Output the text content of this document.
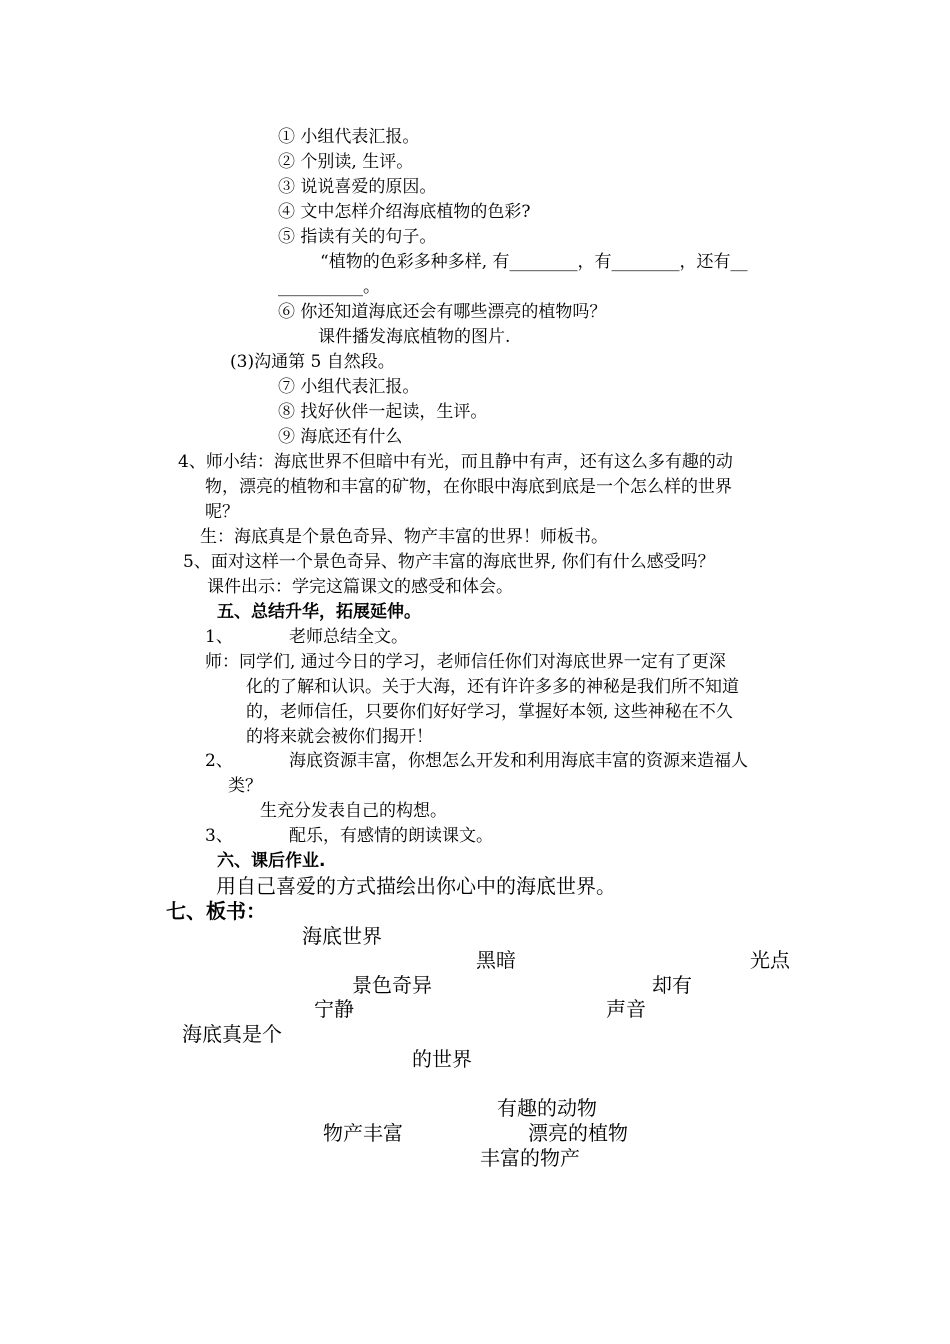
① 小组代表汇报。
② 个别读, 生评。
③ 说说喜爱的原因。
④ 文中怎样介绍海底植物的色彩?
⑤ 指读有关的句子。
“植物的色彩多种多样, 有________，有________，还有__
__________。
⑥ 你还知道海底还会有哪些漂亮的植物吗？
课件播发海底植物的图片.
(3)沟通第 5 自然段。
⑦ 小组代表汇报。
⑧ 找好伙伴一起读，生评。
⑨ 海底还有什么
4、师小结：海底世界不但暗中有光，而且静中有声，还有这么多有趣的动
物，漂亮的植物和丰富的矿物，在你眼中海底到底是一个怎么样的世界
呢？
生：海底真是个景色奇异、物产丰富的世界！师板书。
5、面对这样一个景色奇异、物产丰富的海底世界, 你们有什么感受吗？
课件出示：学完这篇课文的感受和体会。
五、总结升华，拓展延伸。
1、	老师总结全文。
师：同学们, 通过今日的学习，老师信任你们对海底世界一定有了更深
化的了解和认识。关于大海，还有许许多多的神秘是我们所不知道
的，老师信任，只要你们好好学习，掌握好本领, 这些神秘在不久
的将来就会被你们揭开！
2、	海底资源丰富，你想怎么开发和利用海底丰富的资源来造福人
类？
生充分发表自己的构想。
3、	配乐，有感情的朗读课文。
六、课后作业.
用自己喜爱的方式描绘出你心中的海底世界。
七、板书：
海底世界
黑暗	光点
景色奇异	却有
宁静	声音
海底真是个
的世界
有趣的动物
物产丰富	漂亮的植物
丰富的物产
